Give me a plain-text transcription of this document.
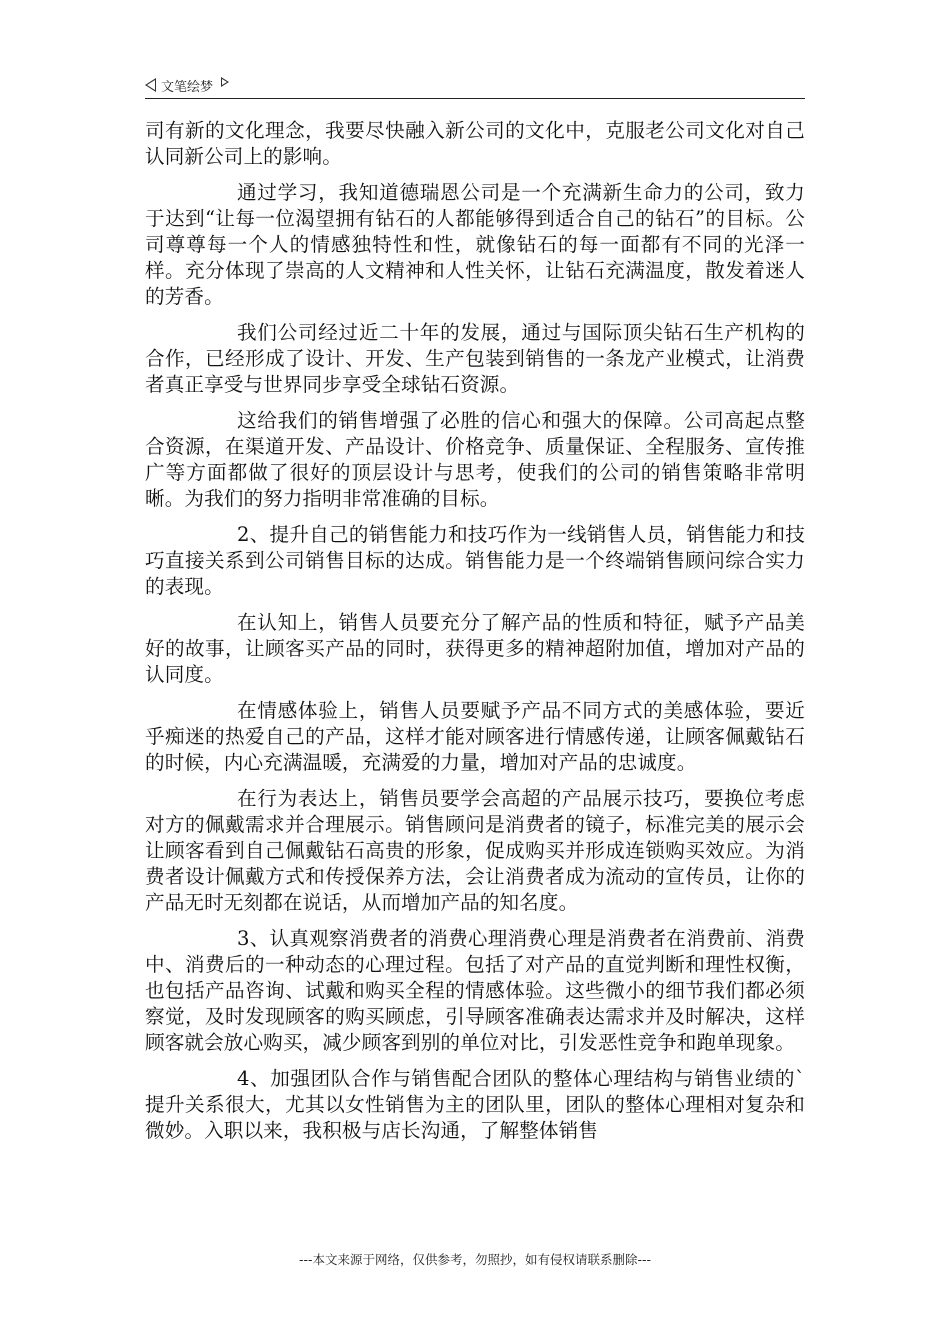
文笔绘梦

司有新的文化理念，我要尽快融入新公司的文化中，克服老公司文化对自己认同新公司上的影响。

通过学习，我知道德瑞恩公司是一个充满新生命力的公司，致力于达到“让每一位渴望拥有钻石的人都能够得到适合自己的钻石”的目标。公司尊尊每一个人的情感独特性和性，就像钻石的每一面都有不同的光泽一样。充分体现了崇高的人文精神和人性关怀，让钻石充满温度，散发着迷人的芳香。

我们公司经过近二十年的发展，通过与国际顶尖钻石生产机构的合作，已经形成了设计、开发、生产包装到销售的一条龙产业模式，让消费者真正享受与世界同步享受全球钻石资源。

这给我们的销售增强了必胜的信心和强大的保障。公司高起点整合资源，在渠道开发、产品设计、价格竞争、质量保证、全程服务、宣传推广等方面都做了很好的顶层设计与思考，使我们的公司的销售策略非常明晰。为我们的努力指明非常准确的目标。

2、提升自己的销售能力和技巧作为一线销售人员，销售能力和技巧直接关系到公司销售目标的达成。销售能力是一个终端销售顾问综合实力的表现。

在认知上，销售人员要充分了解产品的性质和特征，赋予产品美好的故事，让顾客买产品的同时，获得更多的精神超附加值，增加对产品的认同度。

在情感体验上，销售人员要赋予产品不同方式的美感体验，要近乎痴迷的热爱自己的产品，这样才能对顾客进行情感传递，让顾客佩戴钻石的时候，内心充满温暖，充满爱的力量，增加对产品的忠诚度。

在行为表达上，销售员要学会高超的产品展示技巧，要换位考虑对方的佩戴需求并合理展示。销售顾问是消费者的镜子，标准完美的展示会让顾客看到自己佩戴钻石高贵的形象，促成购买并形成连锁购买效应。为消费者设计佩戴方式和传授保养方法，会让消费者成为流动的宣传员，让你的产品无时无刻都在说话，从而增加产品的知名度。

3、认真观察消费者的消费心理消费心理是消费者在消费前、消费中、消费后的一种动态的心理过程。包括了对产品的直觉判断和理性权衡，也包括产品咨询、试戴和购买全程的情感体验。这些微小的细节我们都必须察觉，及时发现顾客的购买顾虑，引导顾客准确表达需求并及时解决，这样顾客就会放心购买，减少顾客到别的单位对比，引发恶性竞争和跑单现象。

4、加强团队合作与销售配合团队的整体心理结构与销售业绩的`提升关系很大，尤其以女性销售为主的团队里，团队的整体心理相对复杂和微妙。入职以来，我积极与店长沟通，了解整体销售

---本文来源于网络，仅供参考，勿照抄，如有侵权请联系删除---
